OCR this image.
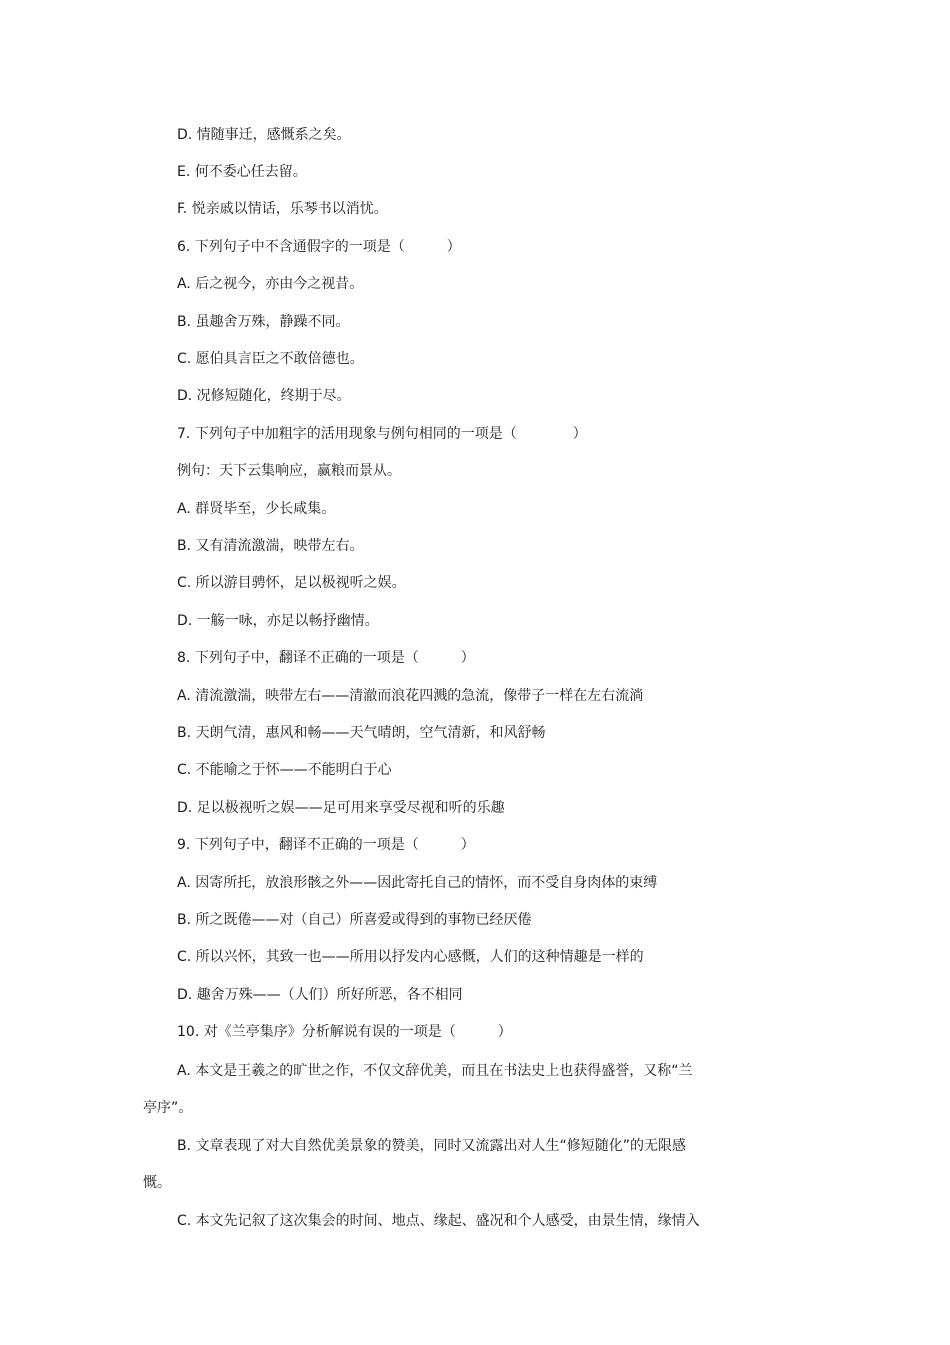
D. 情随事迁，感慨系之矣。
E. 何不委心任去留。
F. 悦亲戚以情话，乐琴书以消忧。
6. 下列句子中不含通假字的一项是（　　　）
A. 后之视今，亦由今之视昔。
B. 虽趣舍万殊，静躁不同。
C. 愿伯具言臣之不敢倍德也。
D. 况修短随化，终期于尽。
7. 下列句子中加粗字的活用现象与例句相同的一项是（　　　　）
例句：天下云集响应，赢粮而景从。
A. 群贤毕至，少长咸集。
B. 又有清流激湍，映带左右。
C. 所以游目骋怀，足以极视听之娱。
D. 一觞一咏，亦足以畅抒幽情。
8. 下列句子中，翻译不正确的一项是（　　　）
A. 清流激湍，映带左右——清澈而浪花四溅的急流，像带子一样在左右流淌
B. 天朗气清，惠风和畅——天气晴朗，空气清新，和风舒畅
C. 不能喻之于怀——不能明白于心
D. 足以极视听之娱——足可用来享受尽视和听的乐趣
9. 下列句子中，翻译不正确的一项是（　　　）
A. 因寄所托，放浪形骸之外——因此寄托自己的情怀，而不受自身肉体的束缚
B. 所之既倦——对（自己）所喜爱或得到的事物已经厌倦
C. 所以兴怀，其致一也——所用以抒发内心感慨，人们的这种情趣是一样的
D. 趣舍万殊——（人们）所好所恶，各不相同
10. 对《兰亭集序》分析解说有误的一项是（　　　）
A. 本文是王羲之的旷世之作，不仅文辞优美，而且在书法史上也获得盛誉，又称“兰
亭序”。
B. 文章表现了对大自然优美景象的赞美，同时又流露出对人生“修短随化”的无限感
慨。
C. 本文先记叙了这次集会的时间、地点、缘起、盛况和个人感受，由景生情，缘情入
